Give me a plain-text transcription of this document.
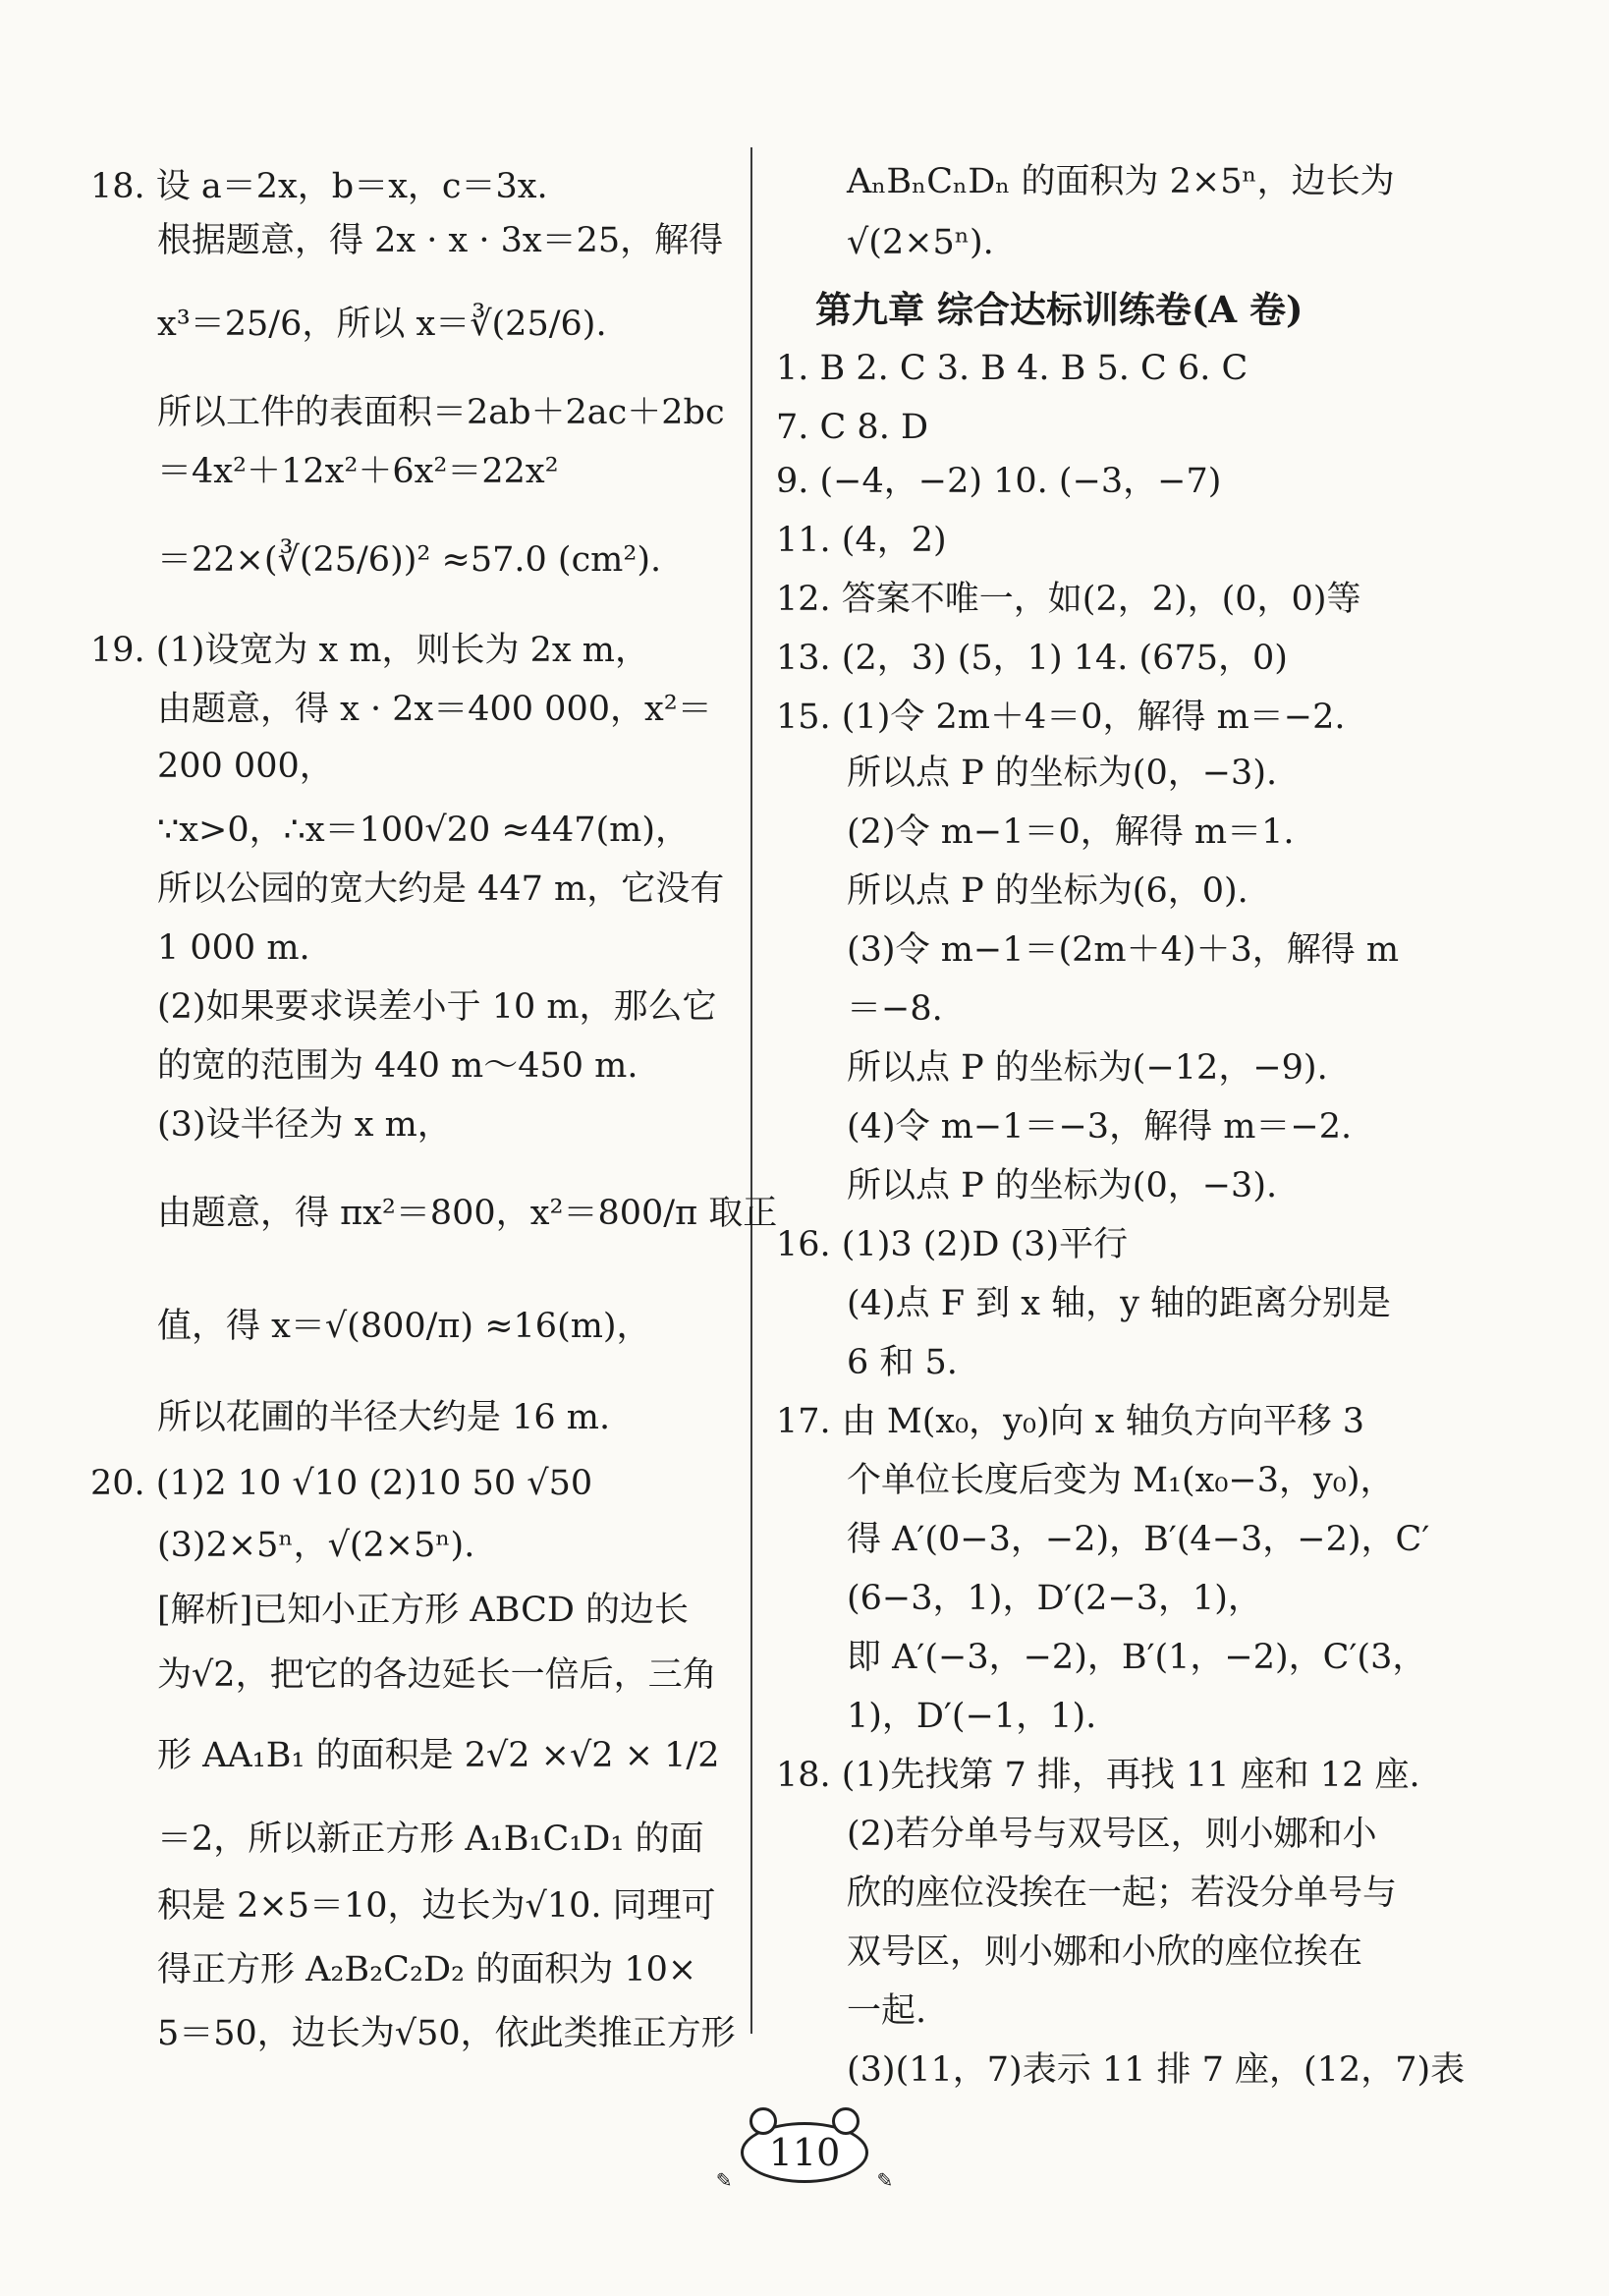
18. 设 a＝2x，b＝x，c＝3x.
根据题意，得 2x · x · 3x＝25，解得
x³＝25/6，所以 x＝∛(25/6).
所以工件的表面积＝2ab＋2ac＋2bc
＝4x²＋12x²＋6x²＝22x²
＝22×(∛(25/6))² ≈57.0 (cm²).
19. (1)设宽为 x m，则长为 2x m，
由题意，得 x · 2x＝400 000，x²＝
200 000，
∵x>0，∴x＝100√20 ≈447(m)，
所以公园的宽大约是 447 m，它没有
1 000 m.
(2)如果要求误差小于 10 m，那么它
的宽的范围为 440 m～450 m.
(3)设半径为 x m，
由题意，得 πx²＝800，x²＝800/π 取正
值，得 x＝√(800/π) ≈16(m)，
所以花圃的半径大约是 16 m.
20. (1)2 10 √10 (2)10 50 √50
(3)2×5ⁿ，√(2×5ⁿ).
[解析]已知小正方形 ABCD 的边长
为√2，把它的各边延长一倍后，三角
形 AA₁B₁ 的面积是 2√2 ×√2 × 1/2
＝2，所以新正方形 A₁B₁C₁D₁ 的面
积是 2×5＝10，边长为√10. 同理可
得正方形 A₂B₂C₂D₂ 的面积为 10×
5＝50，边长为√50，依此类推正方形
AₙBₙCₙDₙ 的面积为 2×5ⁿ，边长为
√(2×5ⁿ).
第九章 综合达标训练卷(A 卷)
1. B 2. C 3. B 4. B 5. C 6. C
7. C 8. D
9. (−4，−2) 10. (−3，−7)
11. (4，2)
12. 答案不唯一，如(2，2)，(0，0)等
13. (2，3) (5，1) 14. (675，0)
15. (1)令 2m＋4＝0，解得 m＝−2.
所以点 P 的坐标为(0，−3).
(2)令 m−1＝0，解得 m＝1.
所以点 P 的坐标为(6，0).
(3)令 m−1＝(2m＋4)＋3，解得 m
＝−8.
所以点 P 的坐标为(−12，−9).
(4)令 m−1＝−3，解得 m＝−2.
所以点 P 的坐标为(0，−3).
16. (1)3 (2)D (3)平行
(4)点 F 到 x 轴，y 轴的距离分别是
6 和 5.
17. 由 M(x₀，y₀)向 x 轴负方向平移 3
个单位长度后变为 M₁(x₀−3，y₀)，
得 A′(0−3，−2)，B′(4−3，−2)，C′
(6−3，1)，D′(2−3，1)，
即 A′(−3，−2)，B′(1，−2)，C′(3，
1)，D′(−1，1).
18. (1)先找第 7 排，再找 11 座和 12 座.
(2)若分单号与双号区，则小娜和小
欣的座位没挨在一起；若没分单号与
双号区，则小娜和小欣的座位挨在
一起.
(3)(11，7)表示 11 排 7 座，(12，7)表
✎	✎
110
